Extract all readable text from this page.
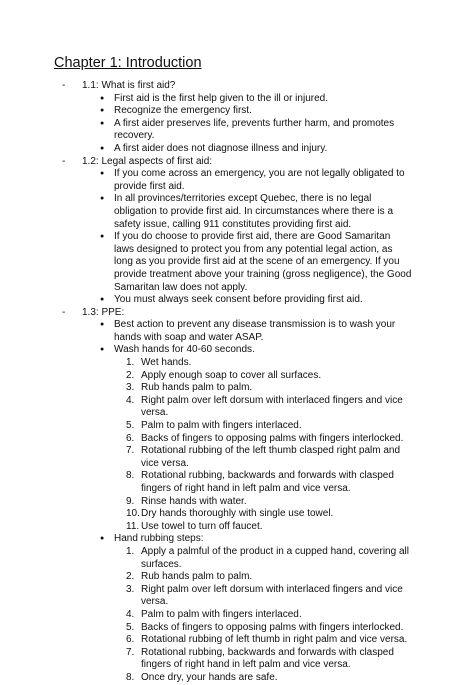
Chapter 1: Introduction
- 1.1: What is first aid?
● First aid is the first help given to the ill or injured.
● Recognize the emergency first.
● A first aider preserves life, prevents further harm, and promotes recovery.
● A first aider does not diagnose illness and injury.
- 1.2: Legal aspects of first aid:
● If you come across an emergency, you are not legally obligated to provide first aid.
● In all provinces/territories except Quebec, there is no legal obligation to provide first aid. In circumstances where there is a safety issue, calling 911 constitutes providing first aid.
● If you do choose to provide first aid, there are Good Samaritan laws designed to protect you from any potential legal action, as long as you provide first aid at the scene of an emergency. If you provide treatment above your training (gross negligence), the Good Samaritan law does not apply.
● You must always seek consent before providing first aid.
- 1.3: PPE:
● Best action to prevent any disease transmission is to wash your hands with soap and water ASAP.
● Wash hands for 40-60 seconds.
1. Wet hands.
2. Apply enough soap to cover all surfaces.
3. Rub hands palm to palm.
4. Right palm over left dorsum with interlaced fingers and vice versa.
5. Palm to palm with fingers interlaced.
6. Backs of fingers to opposing palms with fingers interlocked.
7. Rotational rubbing of the left thumb clasped right palm and vice versa.
8. Rotational rubbing, backwards and forwards with clasped fingers of right hand in left palm and vice versa.
9. Rinse hands with water.
10. Dry hands thoroughly with single use towel.
11. Use towel to turn off faucet.
● Hand rubbing steps:
1. Apply a palmful of the product in a cupped hand, covering all surfaces.
2. Rub hands palm to palm.
3. Right palm over left dorsum with interlaced fingers and vice versa.
4. Palm to palm with fingers interlaced.
5. Backs of fingers to opposing palms with fingers interlocked.
6. Rotational rubbing of left thumb in right palm and vice versa.
7. Rotational rubbing, backwards and forwards with clasped fingers of right hand in left palm and vice versa.
8. Once dry, your hands are safe.
